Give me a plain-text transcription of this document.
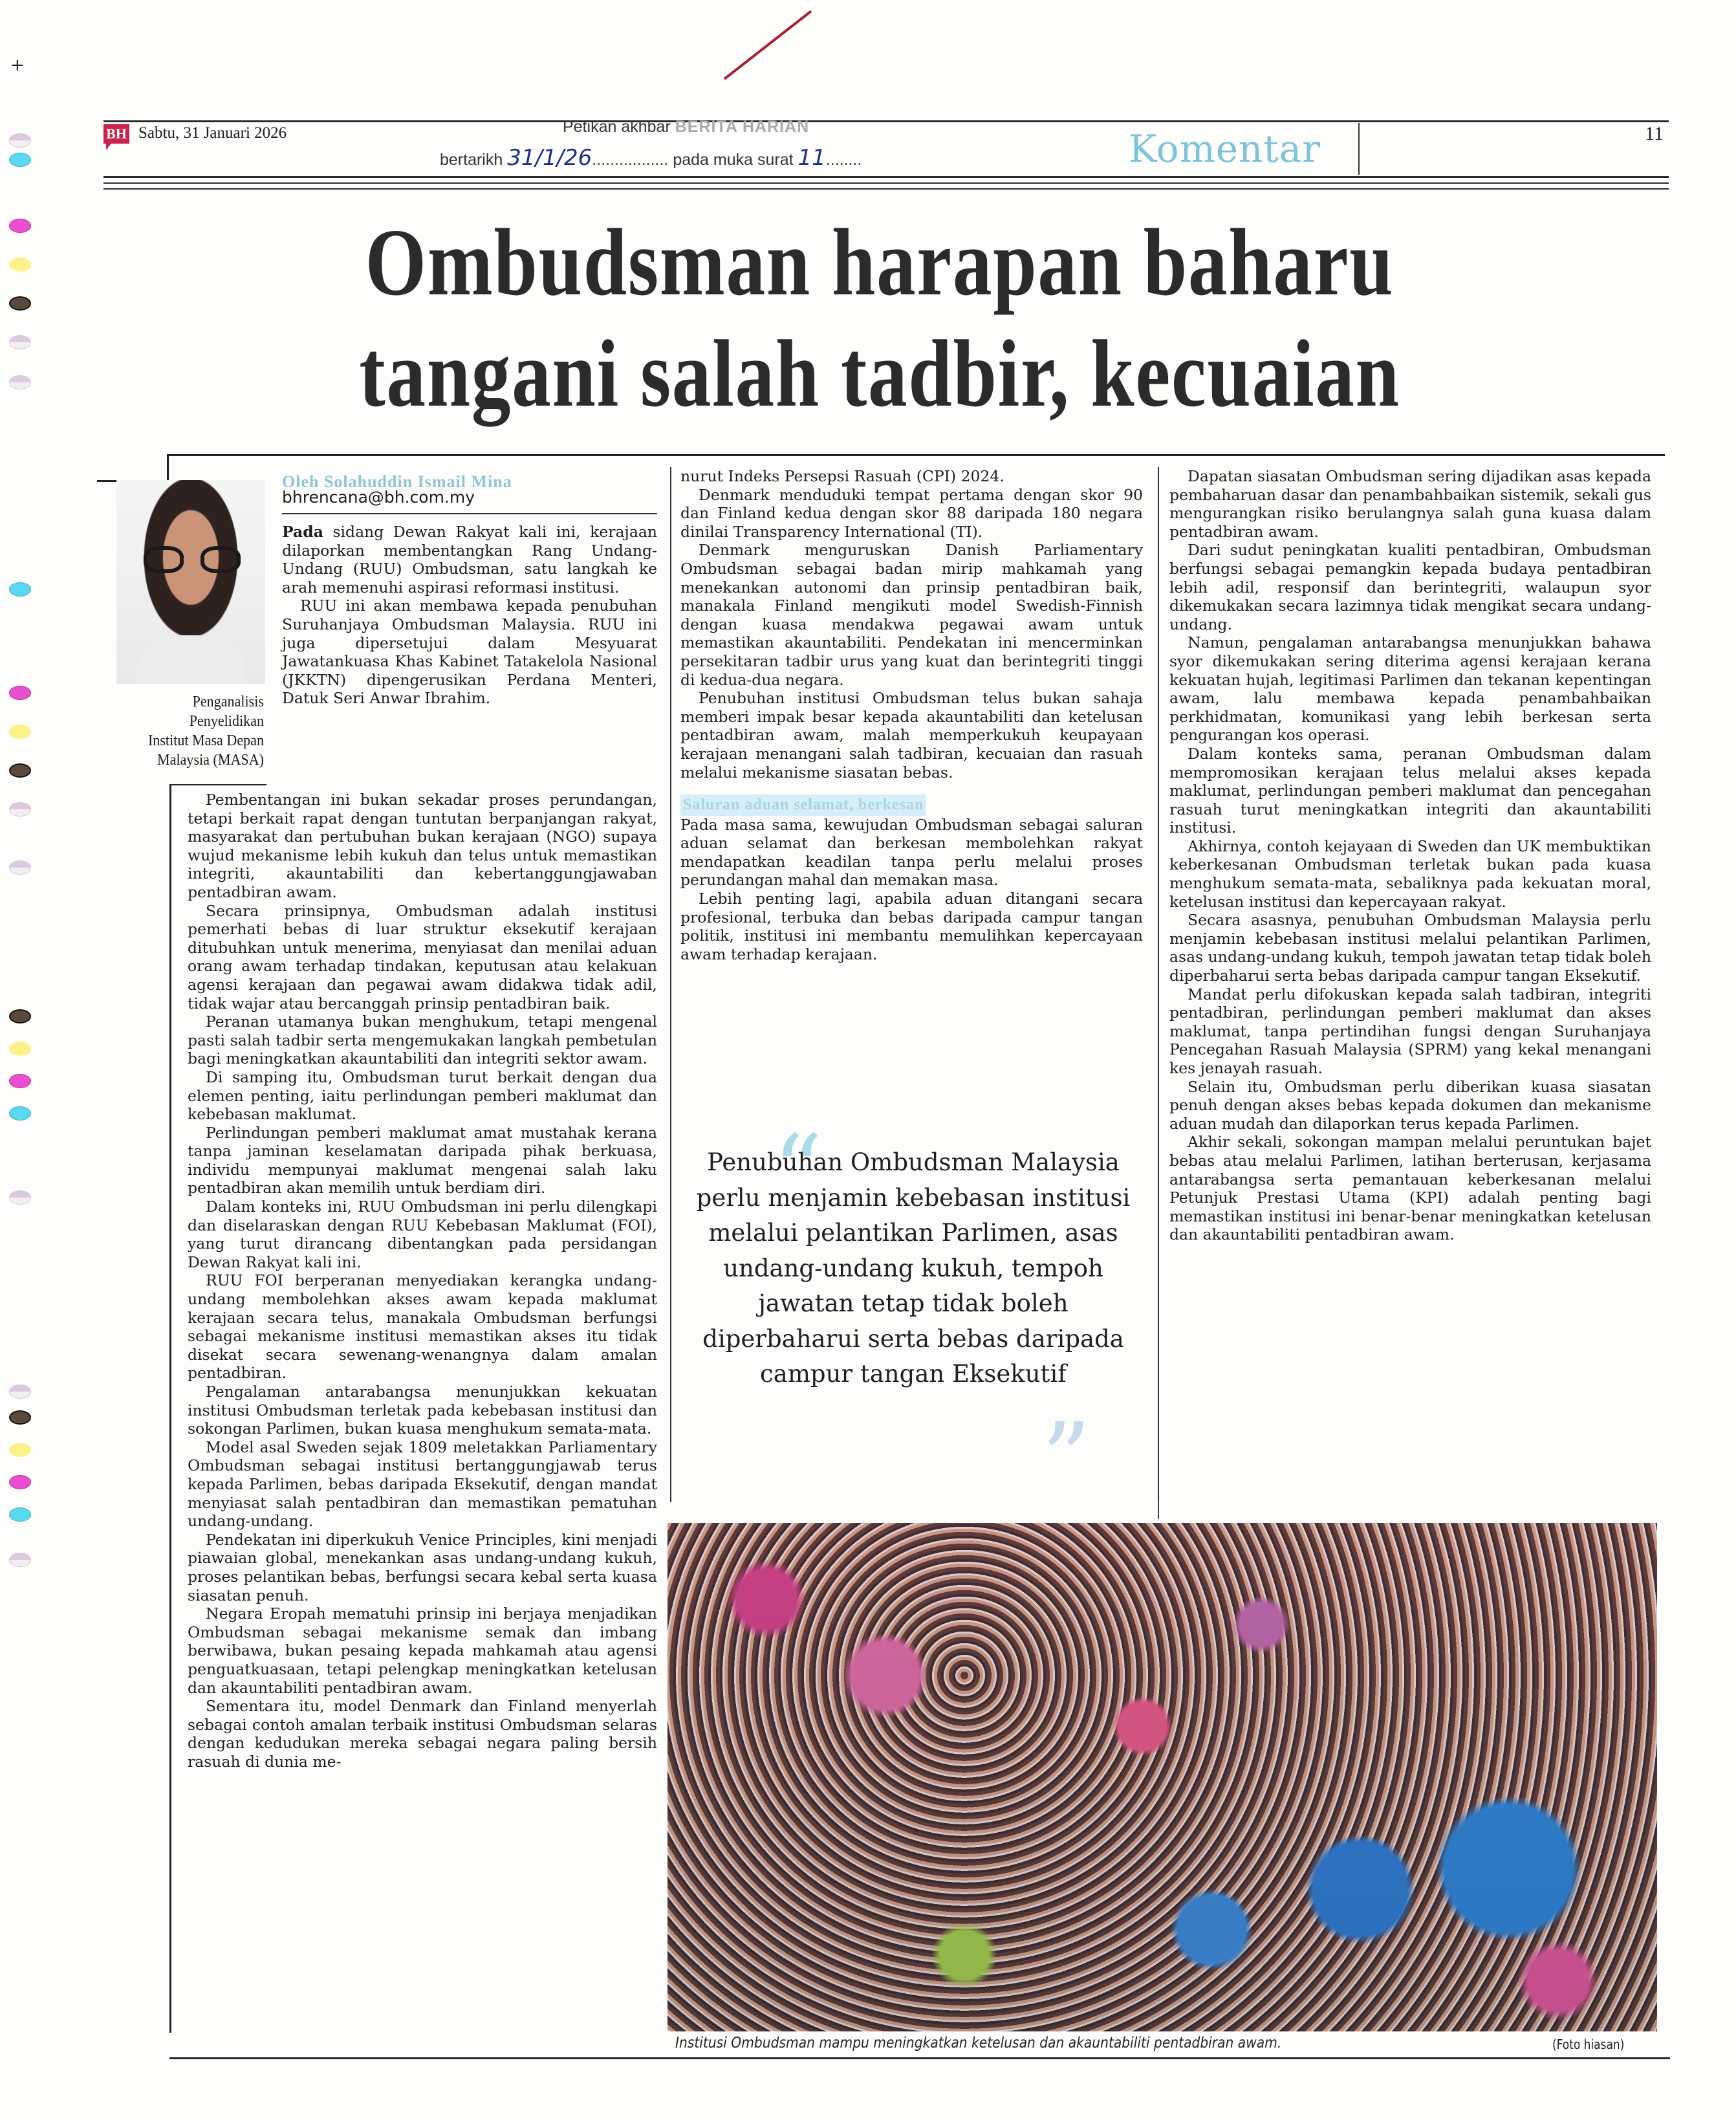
+
BH Sabtu, 31 Januari 2026	Petikan akhbar BERITA HARIAN
bertarikh 31/1/26................. pada muka surat 11........	Komentar	11
Ombudsman harapan baharu
tangani salah tadbir, kecuaian
Penganalisis
Penyelidikan
Institut Masa Depan
Malaysia (MASA)
Oleh Solahuddin Ismail Mina
bhrencana@bh.com.my

Pada sidang Dewan Rakyat kali ini, kerajaan dilaporkan membentangkan Rang Undang-Undang (RUU) Ombudsman, satu langkah ke arah memenuhi aspirasi reformasi institusi.

RUU ini akan membawa kepada penubuhan Suruhanjaya Ombudsman Malaysia. RUU ini juga dipersetujui dalam Mesyuarat Jawatankuasa Khas Kabinet Tatakelola Nasional (JKKTN) dipengerusikan Perdana Menteri, Datuk Seri Anwar Ibrahim.

Pembentangan ini bukan sekadar proses perundangan, tetapi berkait rapat dengan tuntutan berpanjangan rakyat, masyarakat dan pertubuhan bukan kerajaan (NGO) supaya wujud mekanisme lebih kukuh dan telus untuk memastikan integriti, akauntabiliti dan kebertanggungjawaban pentadbiran awam.

Secara prinsipnya, Ombudsman adalah institusi pemerhati bebas di luar struktur eksekutif kerajaan ditubuhkan untuk menerima, menyiasat dan menilai aduan orang awam terhadap tindakan, keputusan atau kelakuan agensi kerajaan dan pegawai awam didakwa tidak adil, tidak wajar atau bercanggah prinsip pentadbiran baik.

Peranan utamanya bukan menghukum, tetapi mengenal pasti salah tadbir serta mengemukakan langkah pembetulan bagi meningkatkan akauntabiliti dan integriti sektor awam.

Di samping itu, Ombudsman turut berkait dengan dua elemen penting, iaitu perlindungan pemberi maklumat dan kebebasan maklumat.

Perlindungan pemberi maklumat amat mustahak kerana tanpa jaminan keselamatan daripada pihak berkuasa, individu mempunyai maklumat mengenai salah laku pentadbiran akan memilih untuk berdiam diri.

Dalam konteks ini, RUU Ombudsman ini perlu dilengkapi dan diselaraskan dengan RUU Kebebasan Maklumat (FOI), yang turut dirancang dibentangkan pada persidangan Dewan Rakyat kali ini.

RUU FOI berperanan menyediakan kerangka undang-undang membolehkan akses awam kepada maklumat kerajaan secara telus, manakala Ombudsman berfungsi sebagai mekanisme institusi memastikan akses itu tidak disekat secara sewenang-wenangnya dalam amalan pentadbiran.

Pengalaman antarabangsa menunjukkan kekuatan institusi Ombudsman terletak pada kebebasan institusi dan sokongan Parlimen, bukan kuasa menghukum semata-mata.

Model asal Sweden sejak 1809 meletakkan Parliamentary Ombudsman sebagai institusi bertanggungjawab terus kepada Parlimen, bebas daripada Eksekutif, dengan mandat menyiasat salah pentadbiran dan memastikan pematuhan undang-undang.

Pendekatan ini diperkukuh Venice Principles, kini menjadi piawaian global, menekankan asas undang-undang kukuh, proses pelantikan bebas, berfungsi secara kebal serta kuasa siasatan penuh.

Negara Eropah mematuhi prinsip ini berjaya menjadikan Ombudsman sebagai mekanisme semak dan imbang berwibawa, bukan pesaing kepada mahkamah atau agensi penguatkuasaan, tetapi pelengkap meningkatkan ketelusan dan akauntabiliti pentadbiran awam.

Sementara itu, model Denmark dan Finland menyerlah sebagai contoh amalan terbaik institusi Ombudsman selaras dengan kedudukan mereka sebagai negara paling bersih rasuah di dunia me-

nurut Indeks Persepsi Rasuah (CPI) 2024.

Denmark menduduki tempat pertama dengan skor 90 dan Finland kedua dengan skor 88 daripada 180 negara dinilai Transparency International (TI).

Denmark menguruskan Danish Parliamentary Ombudsman sebagai badan mirip mahkamah yang menekankan autonomi dan prinsip pentadbiran baik, manakala Finland mengikuti model Swedish-Finnish dengan kuasa mendakwa pegawai awam untuk memastikan akauntabiliti. Pendekatan ini mencerminkan persekitaran tadbir urus yang kuat dan berintegriti tinggi di kedua-dua negara.

Penubuhan institusi Ombudsman telus bukan sahaja memberi impak besar kepada akauntabiliti dan ketelusan pentadbiran awam, malah memperkukuh keupayaan kerajaan menangani salah tadbiran, kecuaian dan rasuah melalui mekanisme siasatan bebas.

Saluran aduan selamat, berkesan

Pada masa sama, kewujudan Ombudsman sebagai saluran aduan selamat dan berkesan membolehkan rakyat mendapatkan keadilan tanpa perlu melalui proses perundangan mahal dan memakan masa.

Lebih penting lagi, apabila aduan ditangani secara profesional, terbuka dan bebas daripada campur tangan politik, institusi ini membantu memulihkan kepercayaan awam terhadap kerajaan.

“
Penubuhan Ombudsman Malaysia perlu menjamin kebebasan institusi melalui pelantikan Parlimen, asas undang-undang kukuh, tempoh jawatan tetap tidak boleh diperbaharui serta bebas daripada campur tangan Eksekutif
”

Dapatan siasatan Ombudsman sering dijadikan asas kepada pembaharuan dasar dan penambahbaikan sistemik, sekali gus mengurangkan risiko berulangnya salah guna kuasa dalam pentadbiran awam.

Dari sudut peningkatan kualiti pentadbiran, Ombudsman berfungsi sebagai pemangkin kepada budaya pentadbiran lebih adil, responsif dan berintegriti, walaupun syor dikemukakan secara lazimnya tidak mengikat secara undang-undang.

Namun, pengalaman antarabangsa menunjukkan bahawa syor dikemukakan sering diterima agensi kerajaan kerana kekuatan hujah, legitimasi Parlimen dan tekanan kepentingan awam, lalu membawa kepada penambahbaikan perkhidmatan, komunikasi yang lebih berkesan serta pengurangan kos operasi.

Dalam konteks sama, peranan Ombudsman dalam mempromosikan kerajaan telus melalui akses kepada maklumat, perlindungan pemberi maklumat dan pencegahan rasuah turut meningkatkan integriti dan akauntabiliti institusi.

Akhirnya, contoh kejayaan di Sweden dan UK membuktikan keberkesanan Ombudsman terletak bukan pada kuasa menghukum semata-mata, sebaliknya pada kekuatan moral, ketelusan institusi dan kepercayaan rakyat.

Secara asasnya, penubuhan Ombudsman Malaysia perlu menjamin kebebasan institusi melalui pelantikan Parlimen, asas undang-undang kukuh, tempoh jawatan tetap tidak boleh diperbaharui serta bebas daripada campur tangan Eksekutif.

Mandat perlu difokuskan kepada salah tadbiran, integriti pentadbiran, perlindungan pemberi maklumat dan akses maklumat, tanpa pertindihan fungsi dengan Suruhanjaya Pencegahan Rasuah Malaysia (SPRM) yang kekal menangani kes jenayah rasuah.

Selain itu, Ombudsman perlu diberikan kuasa siasatan penuh dengan akses bebas kepada dokumen dan mekanisme aduan mudah dan dilaporkan terus kepada Parlimen.

Akhir sekali, sokongan mampan melalui peruntukan bajet bebas atau melalui Parlimen, latihan berterusan, kerjasama antarabangsa serta pemantauan keberkesanan melalui Petunjuk Prestasi Utama (KPI) adalah penting bagi memastikan institusi ini benar-benar meningkatkan ketelusan dan akauntabiliti pentadbiran awam.

Institusi Ombudsman mampu meningkatkan ketelusan dan akauntabiliti pentadbiran awam.	(Foto hiasan)
